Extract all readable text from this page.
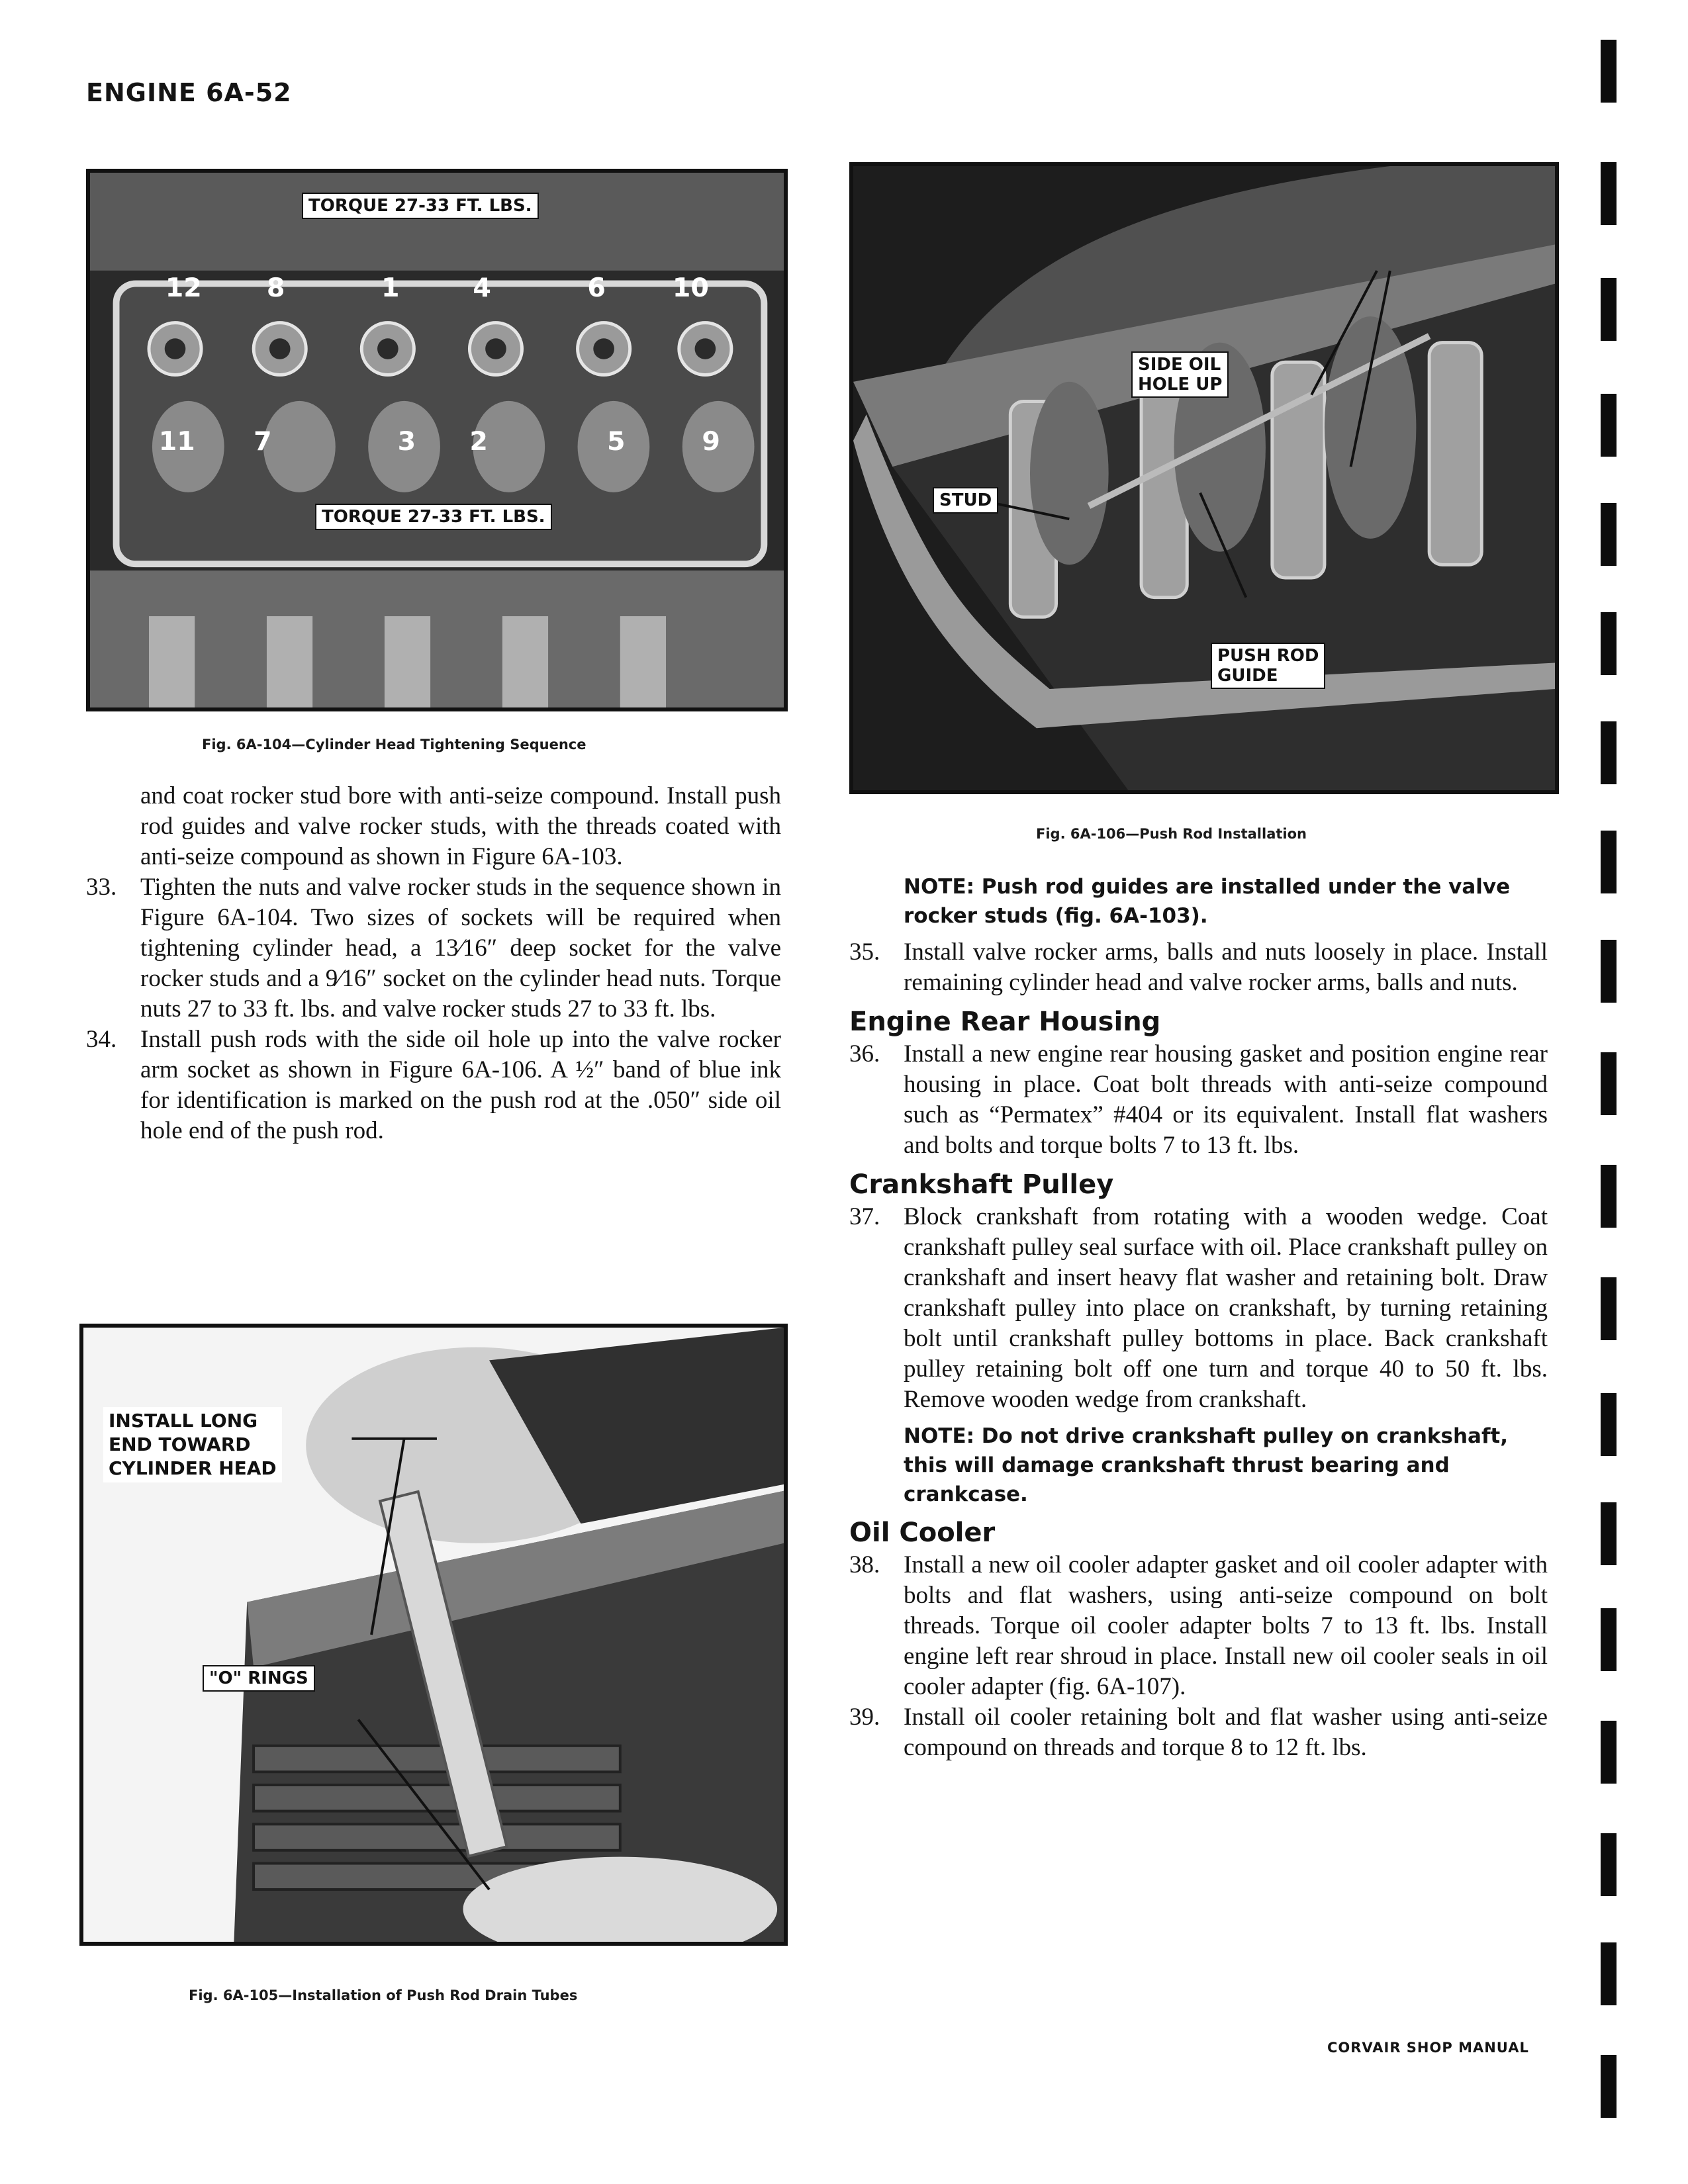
ENGINE 6A-52
12 8	1	4	6	10
11 7	3 2	5	9
TORQUE 27-33 FT. LBS.
TORQUE 27-33 FT. LBS.
Fig. 6A-104—Cylinder Head Tightening Sequence

and coat rocker stud bore with anti-seize compound. Install push rod guides and valve rocker studs, with the threads coated with anti-seize compound as shown in Figure 6A-103.

33. Tighten the nuts and valve rocker studs in the sequence shown in Figure 6A-104. Two sizes of sockets will be required when tightening cylinder head, a 13⁄16″ deep socket for the valve rocker studs and a 9⁄16″ socket on the cylinder head nuts. Torque nuts 27 to 33 ft. lbs. and valve rocker studs 27 to 33 ft. lbs.
34. Install push rods with the side oil hole up into the valve rocker arm socket as shown in Figure 6A-106. A ½″ band of blue ink for identification is marked on the push rod at the .050″ side oil hole end of the push rod.
INSTALL LONG
END TOWARD
CYLINDER HEAD
"O" RINGS
Fig. 6A-105—Installation of Push Rod Drain Tubes
SIDE OIL
HOLE UP
STUD
PUSH ROD
GUIDE
Fig. 6A-106—Push Rod Installation

NOTE: Push rod guides are installed under the valve rocker studs (fig. 6A-103).

35. Install valve rocker arms, balls and nuts loosely in place. Install remaining cylinder head and valve rocker arms, balls and nuts.

Engine Rear Housing

36. Install a new engine rear housing gasket and position engine rear housing in place. Coat bolt threads with anti-seize compound such as “Permatex” #404 or its equivalent. Install flat washers and bolts and torque bolts 7 to 13 ft. lbs.

Crankshaft Pulley

37. Block crankshaft from rotating with a wooden wedge. Coat crankshaft pulley seal surface with oil. Place crankshaft pulley on crankshaft and insert heavy flat washer and retaining bolt. Draw crankshaft pulley into place on crankshaft, by turning retaining bolt until crankshaft pulley bottoms in place. Back crankshaft pulley retaining bolt off one turn and torque 40 to 50 ft. lbs. Remove wooden wedge from crankshaft.

NOTE: Do not drive crankshaft pulley on crankshaft, this will damage crankshaft thrust bearing and crankcase.

Oil Cooler

38. Install a new oil cooler adapter gasket and oil cooler adapter with bolts and flat washers, using anti-seize compound on bolt threads. Torque oil cooler adapter bolts 7 to 13 ft. lbs. Install engine left rear shroud in place. Install new oil cooler seals in oil cooler adapter (fig. 6A-107).
39. Install oil cooler retaining bolt and flat washer using anti-seize compound on threads and torque 8 to 12 ft. lbs.
CORVAIR SHOP MANUAL
